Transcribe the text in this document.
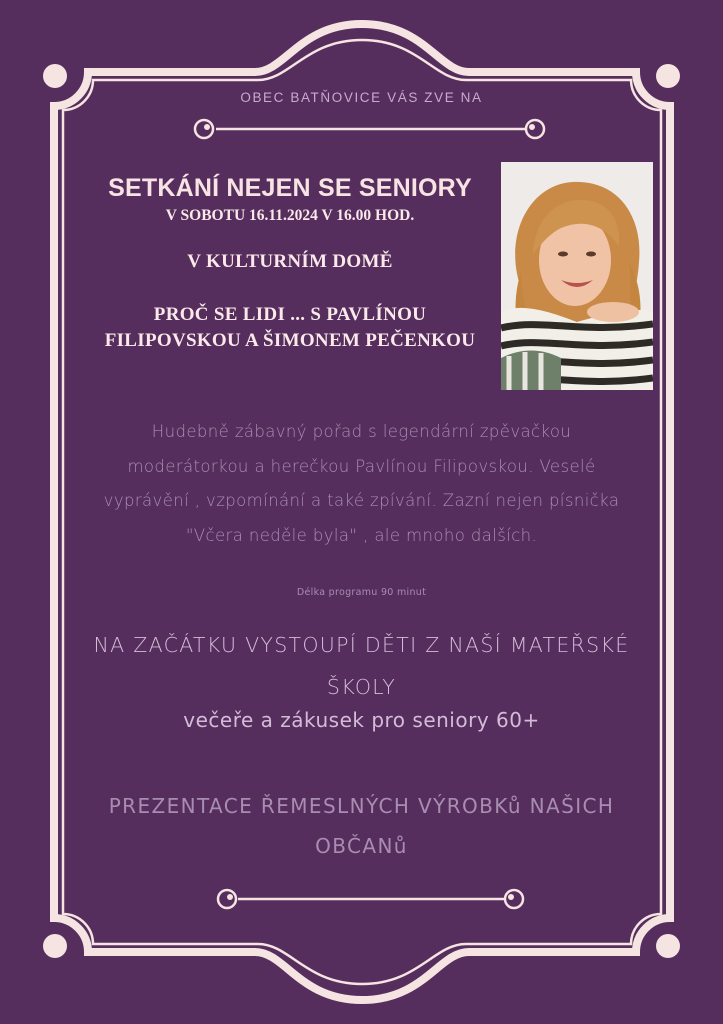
OBEC BATŇOVICE VÁS ZVE NA

SETKÁNÍ NEJEN SE SENIORY

V SOBOTU 16.11.2024 V 16.00 HOD.

V KULTURNÍM DOMĚ

PROČ SE LIDI ... S PAVLÍNOU FILIPOVSKOU A ŠIMONEM PEČENKOU

Hudebně zábavný pořad s legendární zpěvačkou moderátorkou a herečkou Pavlínou Filipovskou. Veselé vyprávění , vzpomínání a také zpívání. Zazní nejen písnička "Včera neděle byla" , ale mnoho dalších.

Délka programu 90 minut

NA ZAČÁTKU VYSTOUPÍ DĚTI Z NAŠÍ MATEŘSKÉ ŠKOLY

večeře a zákusek pro seniory 60+

PREZENTACE ŘEMESLNÝCH VÝROBKů NAŠICH OBČANů
